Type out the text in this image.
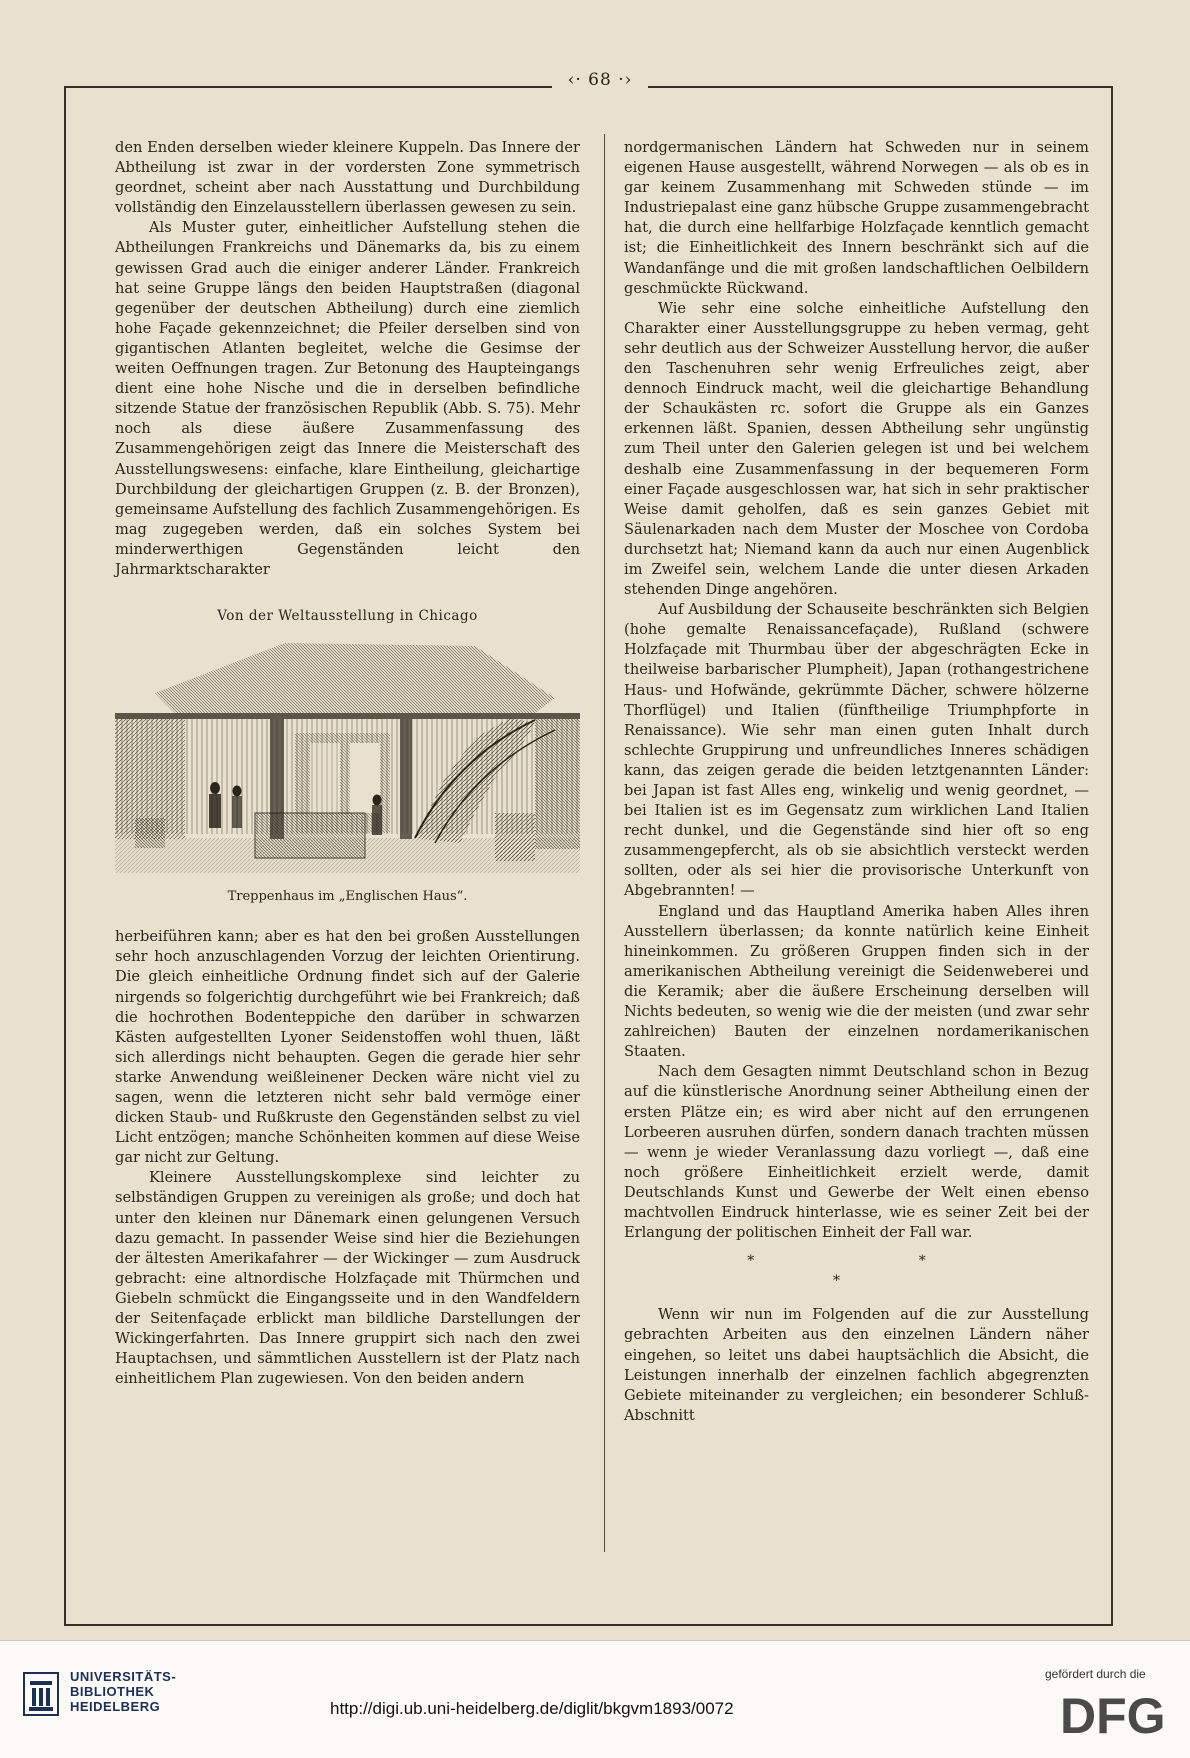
‹· 68 ·›

den Enden derselben wieder kleinere Kuppeln. Das Innere der Abtheilung ist zwar in der vordersten Zone symmetrisch geordnet, scheint aber nach Ausstattung und Durchbildung vollständig den Einzelausstellern überlassen gewesen zu sein.

Als Muster guter, einheitlicher Aufstellung stehen die Abtheilungen Frankreichs und Dänemarks da, bis zu einem gewissen Grad auch die einiger anderer Länder. Frankreich hat seine Gruppe längs den beiden Hauptstraßen (diagonal gegenüber der deutschen Abtheilung) durch eine ziemlich hohe Façade gekennzeichnet; die Pfeiler derselben sind von gigantischen Atlanten begleitet, welche die Gesimse der weiten Oeffnungen tragen. Zur Betonung des Haupteingangs dient eine hohe Nische und die in derselben befindliche sitzende Statue der französischen Republik (Abb. S. 75). Mehr noch als diese äußere Zusammenfassung des Zusammengehörigen zeigt das Innere die Meisterschaft des Ausstellungswesens: einfache, klare Eintheilung, gleichartige Durchbildung der gleichartigen Gruppen (z. B. der Bronzen), gemeinsame Aufstellung des fachlich Zusammengehörigen. Es mag zugegeben werden, daß ein solches System bei minderwerthigen Gegenständen leicht den Jahrmarktscharakter

Von der Weltausstellung in Chicago
Treppenhaus im „Englischen Haus“.

herbeiführen kann; aber es hat den bei großen Ausstellungen sehr hoch anzuschlagenden Vorzug der leichten Orientirung. Die gleich einheitliche Ordnung findet sich auf der Galerie nirgends so folgerichtig durchgeführt wie bei Frankreich; daß die hochrothen Bodenteppiche den darüber in schwarzen Kästen aufgestellten Lyoner Seidenstoffen wohl thuen, läßt sich allerdings nicht behaupten. Gegen die gerade hier sehr starke Anwendung weißleinener Decken wäre nicht viel zu sagen, wenn die letzteren nicht sehr bald vermöge einer dicken Staub- und Rußkruste den Gegenständen selbst zu viel Licht entzögen; manche Schönheiten kommen auf diese Weise gar nicht zur Geltung.

Kleinere Ausstellungskomplexe sind leichter zu selbständigen Gruppen zu vereinigen als große; und doch hat unter den kleinen nur Dänemark einen gelungenen Versuch dazu gemacht. In passender Weise sind hier die Beziehungen der ältesten Amerikafahrer — der Wickinger — zum Ausdruck gebracht: eine altnordische Holzfaçade mit Thürmchen und Giebeln schmückt die Eingangsseite und in den Wandfeldern der Seitenfaçade erblickt man bildliche Darstellungen der Wickingerfahrten. Das Innere gruppirt sich nach den zwei Hauptachsen, und sämmtlichen Ausstellern ist der Platz nach einheitlichem Plan zugewiesen. Von den beiden andern

nordgermanischen Ländern hat Schweden nur in seinem eigenen Hause ausgestellt, während Norwegen — als ob es in gar keinem Zusammenhang mit Schweden stünde — im Industriepalast eine ganz hübsche Gruppe zusammengebracht hat, die durch eine hellfarbige Holzfaçade kenntlich gemacht ist; die Einheitlichkeit des Innern beschränkt sich auf die Wandanfänge und die mit großen landschaftlichen Oelbildern geschmückte Rückwand.

Wie sehr eine solche einheitliche Aufstellung den Charakter einer Ausstellungsgruppe zu heben vermag, geht sehr deutlich aus der Schweizer Ausstellung hervor, die außer den Taschenuhren sehr wenig Erfreuliches zeigt, aber dennoch Eindruck macht, weil die gleichartige Behandlung der Schaukästen rc. sofort die Gruppe als ein Ganzes erkennen läßt. Spanien, dessen Abtheilung sehr ungünstig zum Theil unter den Galerien gelegen ist und bei welchem deshalb eine Zusammenfassung in der bequemeren Form einer Façade ausgeschlossen war, hat sich in sehr praktischer Weise damit geholfen, daß es sein ganzes Gebiet mit Säulenarkaden nach dem Muster der Moschee von Cordoba durchsetzt hat; Niemand kann da auch nur einen Augenblick im Zweifel sein, welchem Lande die unter diesen Arkaden stehenden Dinge angehören.

Auf Ausbildung der Schauseite beschränkten sich Belgien (hohe gemalte Renaissancefaçade), Rußland (schwere Holzfaçade mit Thurmbau über der abgeschrägten Ecke in theilweise barbarischer Plumpheit), Japan (rothangestrichene Haus- und Hofwände, gekrümmte Dächer, schwere hölzerne Thorflügel) und Italien (fünftheilige Triumphpforte in Renaissance). Wie sehr man einen guten Inhalt durch schlechte Gruppirung und unfreundliches Inneres schädigen kann, das zeigen gerade die beiden letztgenannten Länder: bei Japan ist fast Alles eng, winkelig und wenig geordnet, — bei Italien ist es im Gegensatz zum wirklichen Land Italien recht dunkel, und die Gegenstände sind hier oft so eng zusammengepfercht, als ob sie absichtlich versteckt werden sollten, oder als sei hier die provisorische Unterkunft von Abgebrannten! —

England und das Hauptland Amerika haben Alles ihren Ausstellern überlassen; da konnte natürlich keine Einheit hineinkommen. Zu größeren Gruppen finden sich in der amerikanischen Abtheilung vereinigt die Seidenweberei und die Keramik; aber die äußere Erscheinung derselben will Nichts bedeuten, so wenig wie die der meisten (und zwar sehr zahlreichen) Bauten der einzelnen nordamerikanischen Staaten.

Nach dem Gesagten nimmt Deutschland schon in Bezug auf die künstlerische Anordnung seiner Abtheilung einen der ersten Plätze ein; es wird aber nicht auf den errungenen Lorbeeren ausruhen dürfen, sondern danach trachten müssen — wenn je wieder Veranlassung dazu vorliegt —, daß eine noch größere Einheitlichkeit erzielt werde, damit Deutschlands Kunst und Gewerbe der Welt einen ebenso machtvollen Eindruck hinterlasse, wie es seiner Zeit bei der Erlangung der politischen Einheit der Fall war.

* * *

Wenn wir nun im Folgenden auf die zur Ausstellung gebrachten Arbeiten aus den einzelnen Ländern näher eingehen, so leitet uns dabei hauptsächlich die Absicht, die Leistungen innerhalb der einzelnen fachlich abgegrenzten Gebiete miteinander zu vergleichen; ein besonderer Schluß-Abschnitt

UNIVERSITÄTS-
BIBLIOTHEK
HEIDELBERG	http://digi.ub.uni-heidelberg.de/diglit/bkgvm1893/0072
gefördert durch die
DFG
